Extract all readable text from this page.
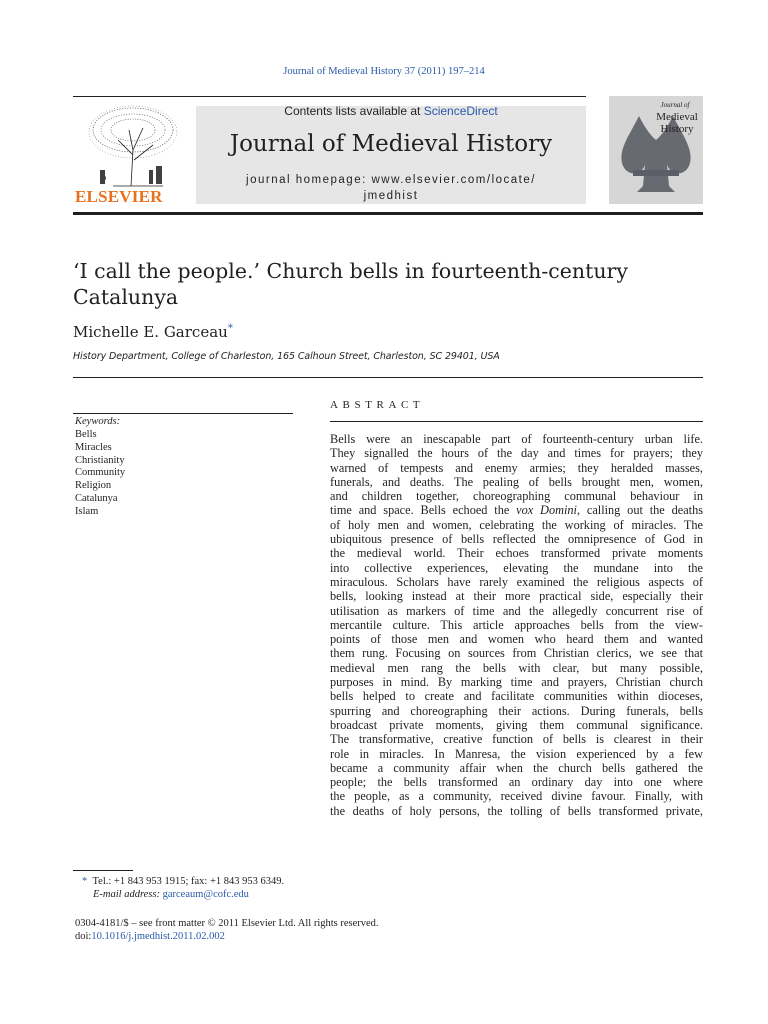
Journal of Medieval History 37 (2011) 197–214
ELSEVIER
Contents lists available at ScienceDirect
Journal of Medieval History
journal homepage: www.elsevier.com/locate/
jmedhist
Journal of
Medieval
History
‘I call the people.’ Church bells in fourteenth-century Catalunya
Michelle E. Garceau*
History Department, College of Charleston, 165 Calhoun Street, Charleston, SC 29401, USA
Keywords:
Bells
Miracles
Christianity
Community
Religion
Catalunya
Islam
ABSTRACT
Bells were an inescapable part of fourteenth-century urban life.
They signalled the hours of the day and times for prayers; they
warned of tempests and enemy armies; they heralded masses,
funerals, and deaths. The pealing of bells brought men, women,
and children together, choreographing communal behaviour in
time and space. Bells echoed the vox Domini, calling out the deaths
of holy men and women, celebrating the working of miracles. The
ubiquitous presence of bells reflected the omnipresence of God in
the medieval world. Their echoes transformed private moments
into collective experiences, elevating the mundane into the
miraculous. Scholars have rarely examined the religious aspects of
bells, looking instead at their more practical side, especially their
utilisation as markers of time and the allegedly concurrent rise of
mercantile culture. This article approaches bells from the view-
points of those men and women who heard them and wanted
them rung. Focusing on sources from Christian clerics, we see that
medieval men rang the bells with clear, but many possible,
purposes in mind. By marking time and prayers, Christian church
bells helped to create and facilitate communities within dioceses,
spurring and choreographing their actions. During funerals, bells
broadcast private moments, giving them communal significance.
The transformative, creative function of bells is clearest in their
role in miracles. In Manresa, the vision experienced by a few
became a community affair when the church bells gathered the
people; the bells transformed an ordinary day into one where
the people, as a community, received divine favour. Finally, with
the deaths of holy persons, the tolling of bells transformed private,
* Tel.: +1 843 953 1915; fax: +1 843 953 6349.
E-mail address: garceaum@cofc.edu
0304-4181/$ – see front matter © 2011 Elsevier Ltd. All rights reserved.
doi:10.1016/j.jmedhist.2011.02.002
